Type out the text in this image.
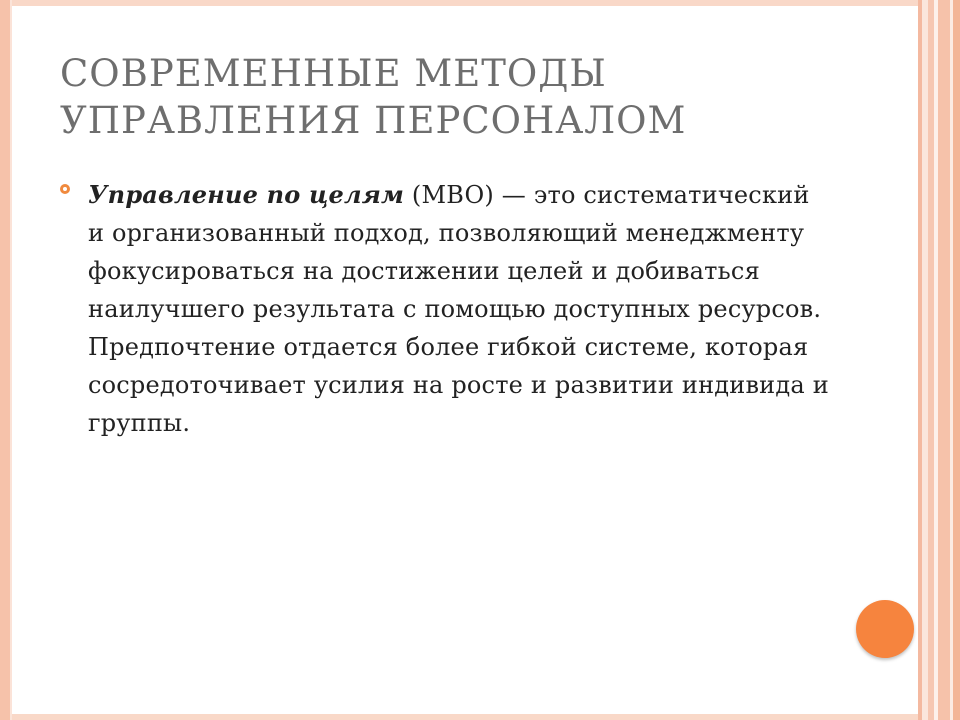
СОВРЕМЕННЫЕ МЕТОДЫ УПРАВЛЕНИЯ ПЕРСОНАЛОМ
Управление по целям (MBO) — это систематический и организованный подход, позволяющий менеджменту фокусироваться на достижении целей и добиваться наилучшего результата с помощью доступных ресурсов. Предпочтение отдается более гибкой системе, которая сосредоточивает усилия на росте и развитии индивида и группы.
